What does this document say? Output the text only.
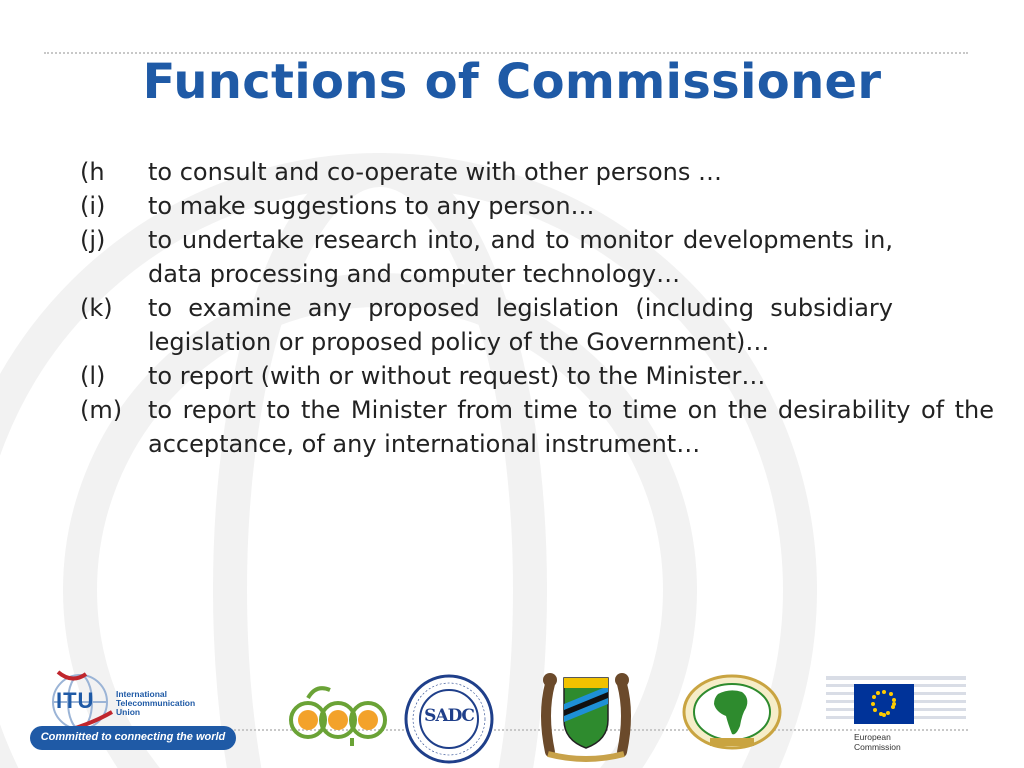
Functions of Commissioner
(h to consult and co-operate with other persons …
(i) to make suggestions to any person…
(j) to undertake research into, and to monitor developments in, data processing and computer technology…
(k) to examine any proposed legislation (including subsidiary legislation or proposed policy of the Government)…
(l) to report (with or without request) to the Minister…
(m) to report to the Minister from time to time on the desirability of the acceptance, of any international instrument…
ITU	International
Telecommunication
Union
Committed to connecting the world
SADC
European
Commission
